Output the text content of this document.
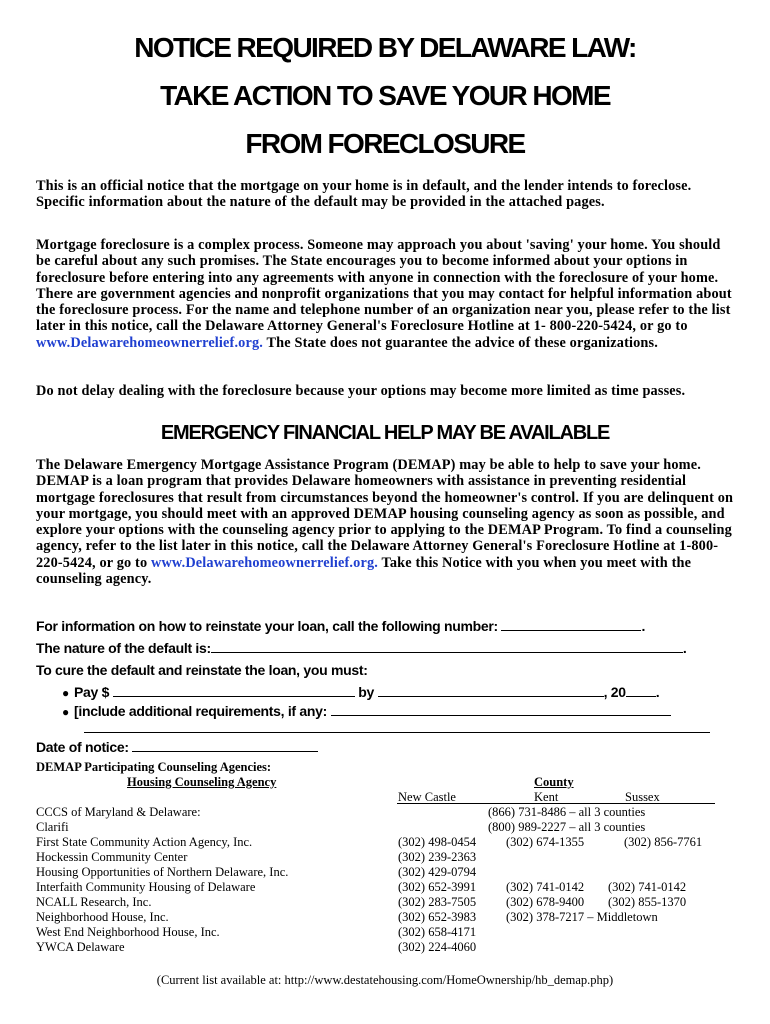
NOTICE REQUIRED BY DELAWARE LAW:
TAKE ACTION TO SAVE YOUR HOME
FROM FORECLOSURE

This is an official notice that the mortgage on your home is in default, and the lender intends to foreclose. Specific information about the nature of the default may be provided in the attached pages.

Mortgage foreclosure is a complex process. Someone may approach you about 'saving' your home. You should be careful about any such promises. The State encourages you to become informed about your options in foreclosure before entering into any agreements with anyone in connection with the foreclosure of your home. There are government agencies and nonprofit organizations that you may contact for helpful information about the foreclosure process. For the name and telephone number of an organization near you, please refer to the list later in this notice, call the Delaware Attorney General's Foreclosure Hotline at 1- 800-220-5424, or go to www.Delawarehomeownerrelief.org. The State does not guarantee the advice of these organizations.

Do not delay dealing with the foreclosure because your options may become more limited as time passes.

EMERGENCY FINANCIAL HELP MAY BE AVAILABLE

The Delaware Emergency Mortgage Assistance Program (DEMAP) may be able to help to save your home. DEMAP is a loan program that provides Delaware homeowners with assistance in preventing residential mortgage foreclosures that result from circumstances beyond the homeowner's control. If you are delinquent on your mortgage, you should meet with an approved DEMAP housing counseling agency as soon as possible, and explore your options with the counseling agency prior to applying to the DEMAP Program. To find a counseling agency, refer to the list later in this notice, call the Delaware Attorney General's Foreclosure Hotline at 1-800-220-5424, or go to www.Delawarehomeownerrelief.org. Take this Notice with you when you meet with the counseling agency.

For information on how to reinstate your loan, call the following number:	.

The nature of the default is:	.

To cure the default and reinstate the loan, you must:

● Pay $	by	, 20 .

● [include additional requirements, if any:

Date of notice:

DEMAP Participating Counseling Agencies:

Housing Counseling Agency	County

New Castle	Kent	Sussex

CCCS of Maryland & Delaware:	(866) 731-8486 – all 3 counties
Clarifi	(800) 989-2227 – all 3 counties
First State Community Action Agency, Inc.	(302) 498-0454 (302) 674-1355	(302) 856-7761
Hockessin Community Center	(302) 239-2363
Housing Opportunities of Northern Delaware, Inc.	(302) 429-0794
Interfaith Community Housing of Delaware	(302) 652-3991 (302) 741-0142 (302) 741-0142
NCALL Research, Inc.	(302) 283-7505 (302) 678-9400 (302) 855-1370
Neighborhood House, Inc.	(302) 652-3983 (302) 378-7217 – Middletown
West End Neighborhood House, Inc.	(302) 658-4171
YWCA Delaware	(302) 224-4060

(Current list available at: http://www.destatehousing.com/HomeOwnership/hb_demap.php)
